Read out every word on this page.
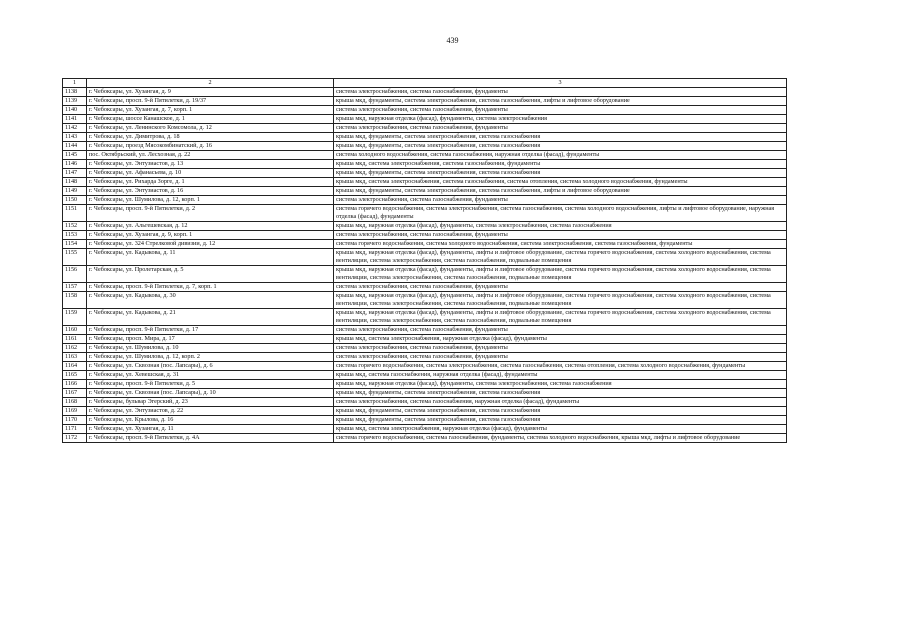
439
1	2	3
1138	г. Чебоксары, ул. Хузангая, д. 9	система электроснабжения, система газоснабжения, фундаменты
1139	г. Чебоксары, просп. 9-й Пятилетки, д. 19/37	крыша мкд, фундаменты, система электроснабжения, система газоснабжения, лифты и лифтовое оборудование
1140	г. Чебоксары, ул. Хузангая, д. 7, корп. 1	система электроснабжения, система газоснабжения, фундаменты
1141	г. Чебоксары, шоссе Канашское, д. 1	крыша мкд, наружная отделка (фасад), фундаменты, система электроснабжения
1142	г. Чебоксары, ул. Ленинского Комсомола, д. 12	система электроснабжения, система газоснабжения, фундаменты
1143	г. Чебоксары, ул. Димитрова, д. 18	крыша мкд, фундаменты, система электроснабжения, система газоснабжения
1144	г. Чебоксары, проезд Мясокомбинатский, д. 16	крыша мкд, фундаменты, система электроснабжения, система газоснабжения
1145	пос. Октябрьский, ул. Лесхозная, д. 22	система холодного водоснабжения, система газоснабжения, наружная отделка (фасад), фундаменты
1146	г. Чебоксары, ул. Энтузиастов, д. 13	крыша мкд, система электроснабжения, система газоснабжения, фундаменты
1147	г. Чебоксары, ул. Афанасьева, д. 10	крыша мкд, фундаменты, система электроснабжения, система газоснабжения
1148	г. Чебоксары, ул. Рихарда Зорге, д. 1	крыша мкд, система электроснабжения, система газоснабжения, система отопления, система холодного водоснабжения, фундаменты
1149	г. Чебоксары, ул. Энтузиастов, д. 16	крыша мкд, фундаменты, система электроснабжения, система газоснабжения, лифты и лифтовое оборудование
1150	г. Чебоксары, ул. Шумилова, д. 12, корп. 1	система электроснабжения, система газоснабжения, фундаменты
1151	г. Чебоксары, просп. 9-й Пятилетки, д. 2	система горячего водоснабжения, система электроснабжения, система газоснабжения, система холодного водоснабжения, лифты и лифтовое оборудование, наружная отделка (фасад), фундаменты
1152	г. Чебоксары, ул. Альгешевская, д. 12	крыша мкд, наружная отделка (фасад), фундаменты, система электроснабжения, система газоснабжения
1153	г. Чебоксары, ул. Хузангая, д. 9, корп. 1	система электроснабжения, система газоснабжения, фундаменты
1154	г. Чебоксары, ул. 324 Стрелковой дивизии, д. 12	система горячего водоснабжения, система холодного водоснабжения, система электроснабжения, система газоснабжения, фундаменты
1155	г. Чебоксары, ул. Кадыкова, д. 11	крыша мкд, наружная отделка (фасад), фундаменты, лифты и лифтовое оборудование, система горячего водоснабжения, система холодного водоснабжения, система вентиляции, система электроснабжения, система газоснабжения, подвальные помещения
1156	г. Чебоксары, ул. Пролетарская, д. 5	крыша мкд, наружная отделка (фасад), фундаменты, лифты и лифтовое оборудование, система горячего водоснабжения, система холодного водоснабжения, система вентиляции, система электроснабжения, система газоснабжения, подвальные помещения
1157	г. Чебоксары, просп. 9-й Пятилетки, д. 7, корп. 1	система электроснабжения, система газоснабжения, фундаменты
1158	г. Чебоксары, ул. Кадыкова, д. 30	крыша мкд, наружная отделка (фасад), фундаменты, лифты и лифтовое оборудование, система горячего водоснабжения, система холодного водоснабжения, система вентиляции, система электроснабжения, система газоснабжения, подвальные помещения
1159	г. Чебоксары, ул. Кадыкова, д. 21	крыша мкд, наружная отделка (фасад), фундаменты, лифты и лифтовое оборудование, система горячего водоснабжения, система холодного водоснабжения, система вентиляции, система электроснабжения, система газоснабжения, подвальные помещения
1160	г. Чебоксары, просп. 9-й Пятилетки, д. 17	система электроснабжения, система газоснабжения, фундаменты
1161	г. Чебоксары, просп. Мира, д. 17	крыша мкд, система электроснабжения, наружная отделка (фасад), фундаменты
1162	г. Чебоксары, ул. Шумилова, д. 10	система электроснабжения, система газоснабжения, фундаменты
1163	г. Чебоксары, ул. Шумилова, д. 12, корп. 2	система электроснабжения, система газоснабжения, фундаменты
1164	г. Чебоксары, ул. Сквозная (пос. Лапсары), д. 6	система горячего водоснабжения, система электроснабжения, система газоснабжения, система отопления, система холодного водоснабжения, фундаменты
1165	г. Чебоксары, ул. Хевешская, д. 31	крыша мкд, система газоснабжения, наружная отделка (фасад), фундаменты
1166	г. Чебоксары, просп. 9-й Пятилетки, д. 5	крыша мкд, наружная отделка (фасад), фундаменты, система электроснабжения, система газоснабжения
1167	г. Чебоксары, ул. Сквозная (пос. Лапсары), д. 10	крыша мкд, фундаменты, система электроснабжения, система газоснабжения
1168	г. Чебоксары, бульвар Эгерский, д. 23	система электроснабжения, система газоснабжения, наружная отделка (фасад), фундаменты
1169	г. Чебоксары, ул. Энтузиастов, д. 22	крыша мкд, фундаменты, система электроснабжения, система газоснабжения
1170	г. Чебоксары, ул. Крылова, д. 16	крыша мкд, фундаменты, система электроснабжения, система газоснабжения
1171	г. Чебоксары, ул. Хузангая, д. 11	крыша мкд, система электроснабжения, наружная отделка (фасад), фундаменты
1172	г. Чебоксары, просп. 9-й Пятилетки, д. 4А	система горячего водоснабжения, система газоснабжения, фундаменты, система холодного водоснабжения, крыша мкд, лифты и лифтовое оборудование
